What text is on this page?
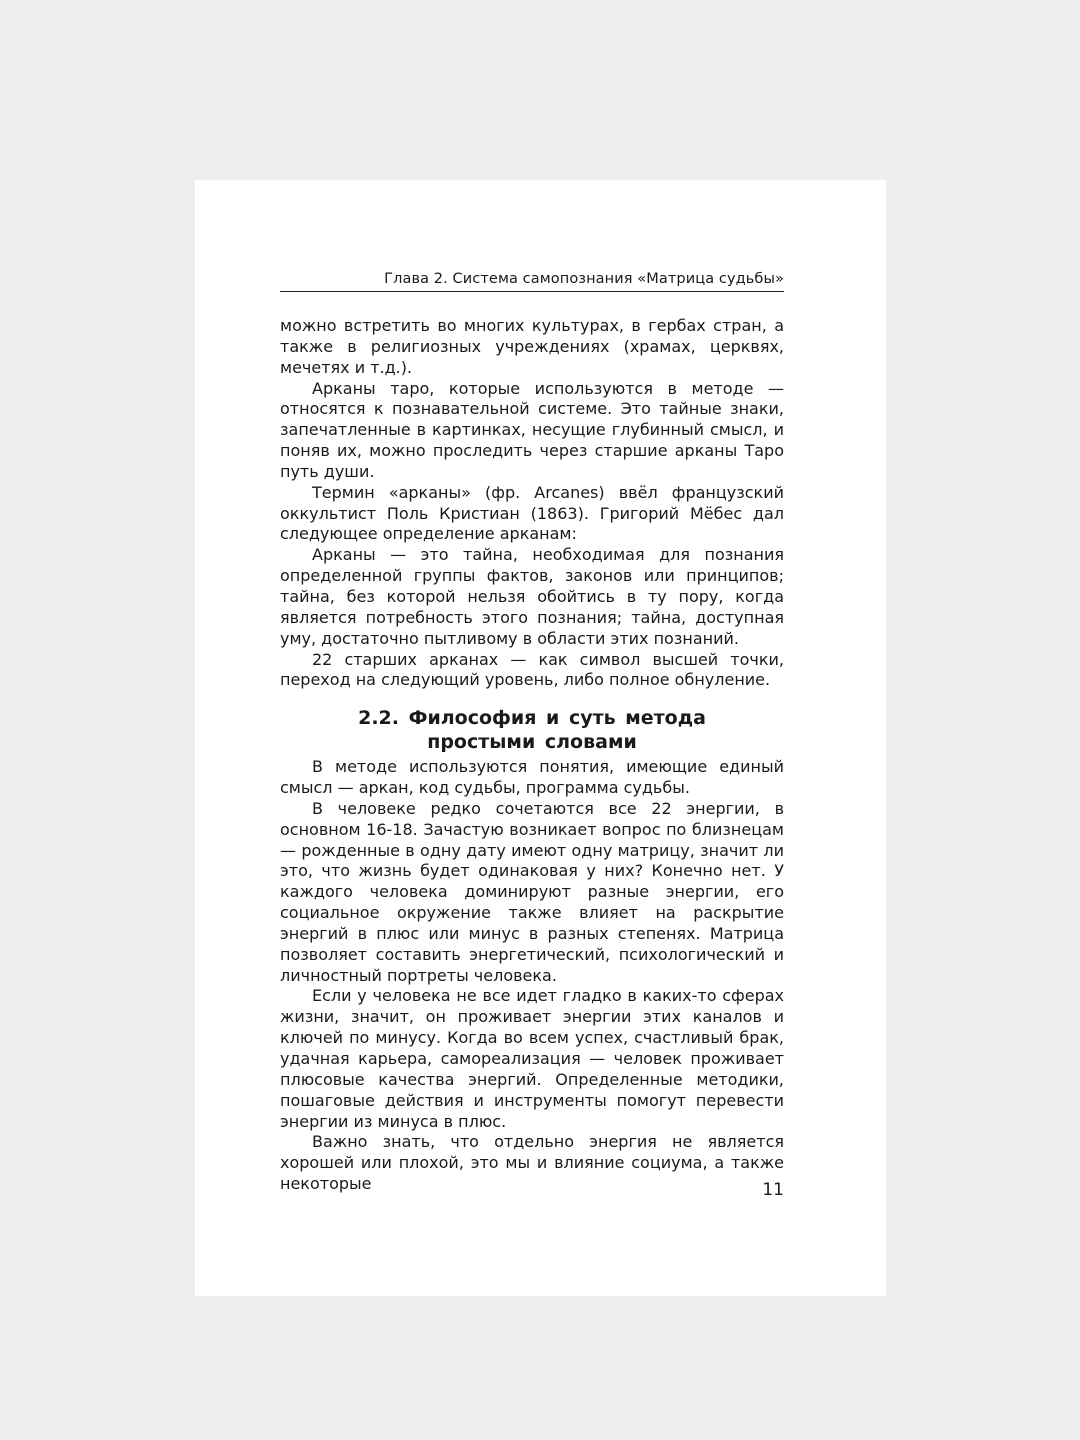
Глава 2. Система самопознания «Матрица судьбы»

можно встретить во многих культурах, в гербах стран, а также в религиозных учреждениях (храмах, церквях, мечетях и т.д.).

Арканы таро, которые используются в методе — относятся к познавательной системе. Это тайные знаки, запечатленные в картинках, несущие глубинный смысл, и поняв их, можно проследить через старшие арканы Таро путь души.

Термин «арканы» (фр. Arcanes) ввёл французский оккультист Поль Кристиан (1863). Григорий Мёбес дал следующее определение арканам:

Арканы — это тайна, необходимая для познания определенной группы фактов, законов или принципов; тайна, без которой нельзя обойтись в ту пору, когда является потребность этого познания; тайна, доступная уму, достаточно пытливому в области этих познаний.

22 старших арканах — как символ высшей точки, переход на следующий уровень, либо полное обнуление.

2.2. Философия и суть метода
простыми словами

В методе используются понятия, имеющие единый смысл — аркан, код судьбы, программа судьбы.

В человеке редко сочетаются все 22 энергии, в основном 16-18. Зачастую возникает вопрос по близнецам — рожденные в одну дату имеют одну матрицу, значит ли это, что жизнь будет одинаковая у них? Конечно нет. У каждого человека доминируют разные энергии, его социальное окружение также влияет на раскрытие энергий в плюс или минус в разных степенях. Матрица позволяет составить энергетический, психологический и личностный портреты человека.

Если у человека не все идет гладко в каких-то сферах жизни, значит, он проживает энергии этих каналов и ключей по минусу. Когда во всем успех, счастливый брак, удачная карьера, самореализация — человек проживает плюсовые качества энергий. Определенные методики, пошаговые действия и инструменты помогут перевести энергии из минуса в плюс.

Важно знать, что отдельно энергия не является хорошей или плохой, это мы и влияние социума, а также некоторые	11
